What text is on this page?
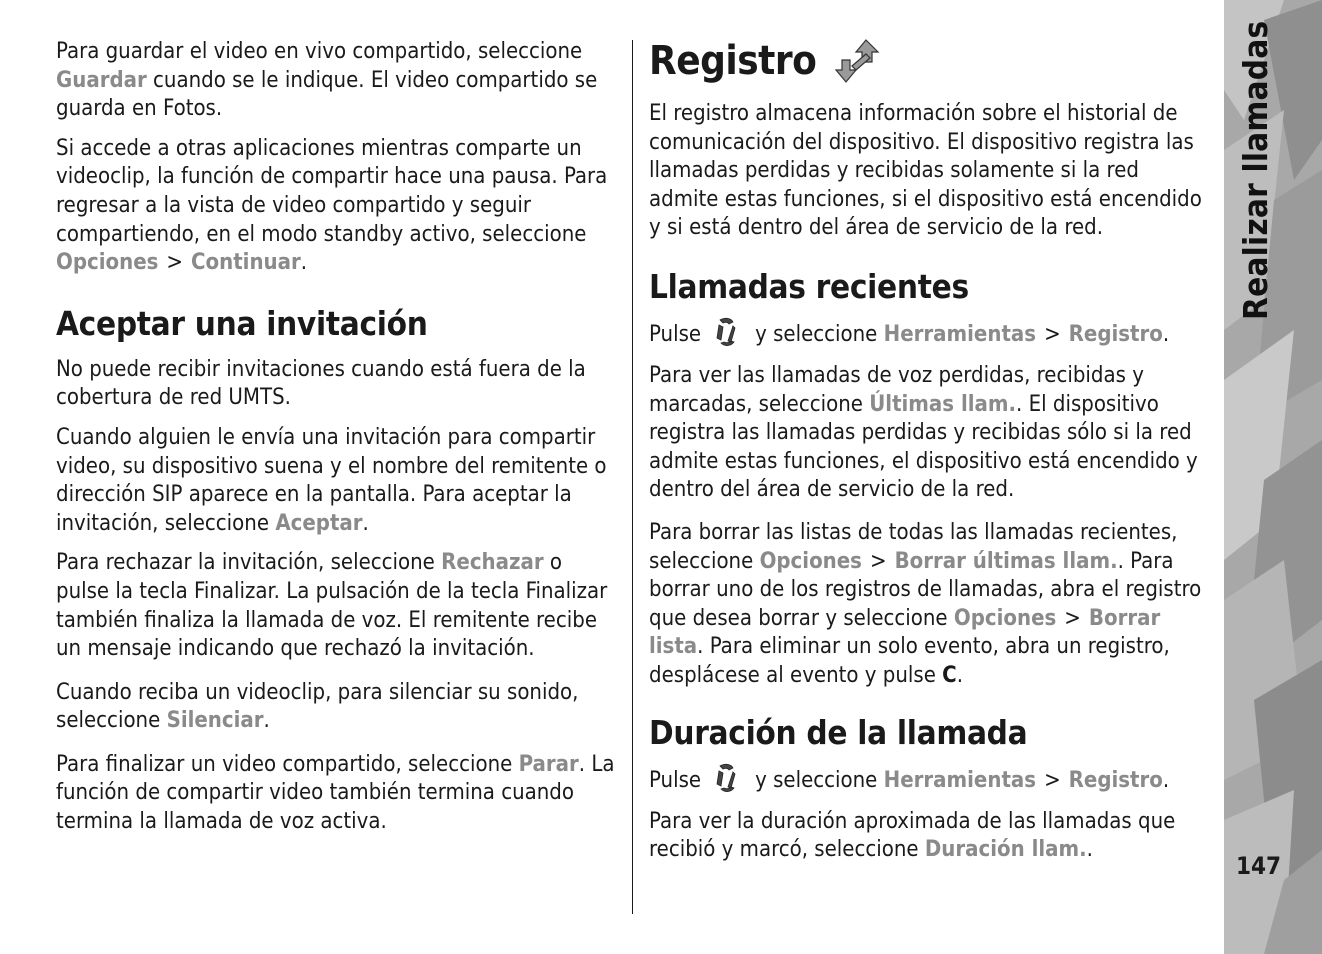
Para guardar el video en vivo compartido, seleccione Guardar cuando se le indique. El video compartido se guarda en Fotos.

Si accede a otras aplicaciones mientras comparte un videoclip, la función de compartir hace una pausa. Para regresar a la vista de video compartido y seguir compartiendo, en el modo standby activo, seleccione Opciones > Continuar.

Aceptar una invitación

No puede recibir invitaciones cuando está fuera de la cobertura de red UMTS.

Cuando alguien le envía una invitación para compartir video, su dispositivo suena y el nombre del remitente o dirección SIP aparece en la pantalla. Para aceptar la invitación, seleccione Aceptar.

Para rechazar la invitación, seleccione Rechazar o pulse la tecla Finalizar. La pulsación de la tecla Finalizar también finaliza la llamada de voz. El remitente recibe un mensaje indicando que rechazó la invitación.

Cuando reciba un videoclip, para silenciar su sonido, seleccione Silenciar.

Para finalizar un video compartido, seleccione Parar. La función de compartir video también termina cuando termina la llamada de voz activa.

Registro

El registro almacena información sobre el historial de comunicación del dispositivo. El dispositivo registra las llamadas perdidas y recibidas solamente si la red admite estas funciones, si el dispositivo está encendido y si está dentro del área de servicio de la red.

Llamadas recientes

Pulse y seleccione Herramientas > Registro.

Para ver las llamadas de voz perdidas, recibidas y marcadas, seleccione Últimas llam.. El dispositivo registra las llamadas perdidas y recibidas sólo si la red admite estas funciones, el dispositivo está encendido y dentro del área de servicio de la red.

Para borrar las listas de todas las llamadas recientes, seleccione Opciones > Borrar últimas llam.. Para borrar uno de los registros de llamadas, abra el registro que desea borrar y seleccione Opciones > Borrar lista. Para eliminar un solo evento, abra un registro, desplácese al evento y pulse C.

Duración de la llamada

Pulse y seleccione Herramientas > Registro.

Para ver la duración aproximada de las llamadas que recibió y marcó, seleccione Duración llam..

Realizar llamadas
147
